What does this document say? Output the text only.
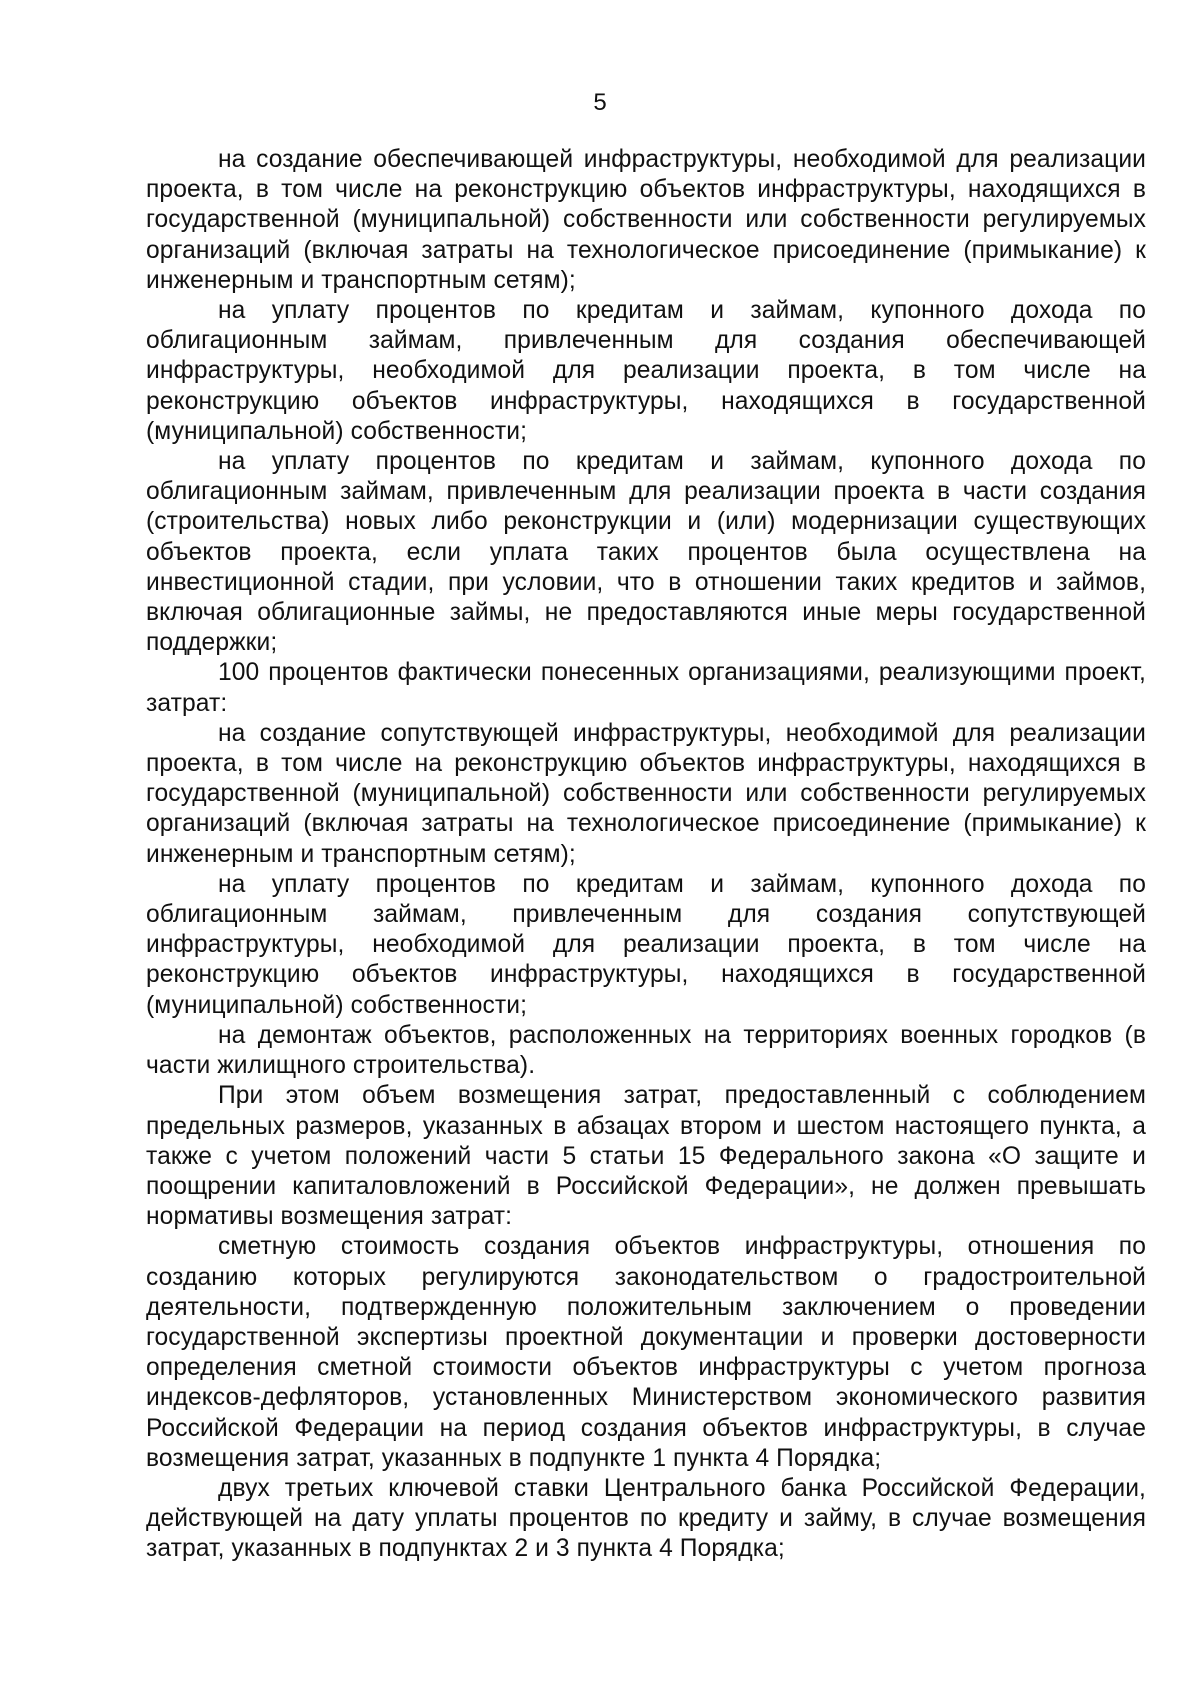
5

на создание обеспечивающей инфраструктуры, необходимой для реализации проекта, в том числе на реконструкцию объектов инфраструктуры, находящихся в государственной (муниципальной) собственности или собственности регулируемых организаций (включая затраты на технологическое присоединение (примыкание) к инженерным и транспортным сетям);

на уплату процентов по кредитам и займам, купонного дохода по облигационным займам, привлеченным для создания обеспечивающей инфраструктуры, необходимой для реализации проекта, в том числе на реконструкцию объектов инфраструктуры, находящихся в государственной (муниципальной) собственности;

на уплату процентов по кредитам и займам, купонного дохода по облигационным займам, привлеченным для реализации проекта в части создания (строительства) новых либо реконструкции и (или) модернизации существующих объектов проекта, если уплата таких процентов была осуществлена на инвестиционной стадии, при условии, что в отношении таких кредитов и займов, включая облигационные займы, не предоставляются иные меры государственной поддержки;

100 процентов фактически понесенных организациями, реализующими проект, затрат:

на создание сопутствующей инфраструктуры, необходимой для реализации проекта, в том числе на реконструкцию объектов инфраструктуры, находящихся в государственной (муниципальной) собственности или собственности регулируемых организаций (включая затраты на технологическое присоединение (примыкание) к инженерным и транспортным сетям);

на уплату процентов по кредитам и займам, купонного дохода по облигационным займам, привлеченным для создания сопутствующей инфраструктуры, необходимой для реализации проекта, в том числе на реконструкцию объектов инфраструктуры, находящихся в государственной (муниципальной) собственности;

на демонтаж объектов, расположенных на территориях военных городков (в части жилищного строительства).

При этом объем возмещения затрат, предоставленный с соблюдением предельных размеров, указанных в абзацах втором и шестом настоящего пункта, а также с учетом положений части 5 статьи 15 Федерального закона «О защите и поощрении капиталовложений в Российской Федерации», не должен превышать нормативы возмещения затрат:

сметную стоимость создания объектов инфраструктуры, отношения по созданию которых регулируются законодательством о градостроительной деятельности, подтвержденную положительным заключением о проведении государственной экспертизы проектной документации и проверки достоверности определения сметной стоимости объектов инфраструктуры с учетом прогноза индексов-дефляторов, установленных Министерством экономического развития Российской Федерации на период создания объектов инфраструктуры, в случае возмещения затрат, указанных в подпункте 1 пункта 4 Порядка;

двух третьих ключевой ставки Центрального банка Российской Федерации, действующей на дату уплаты процентов по кредиту и займу, в случае возмещения затрат, указанных в подпунктах 2 и 3 пункта 4 Порядка;
